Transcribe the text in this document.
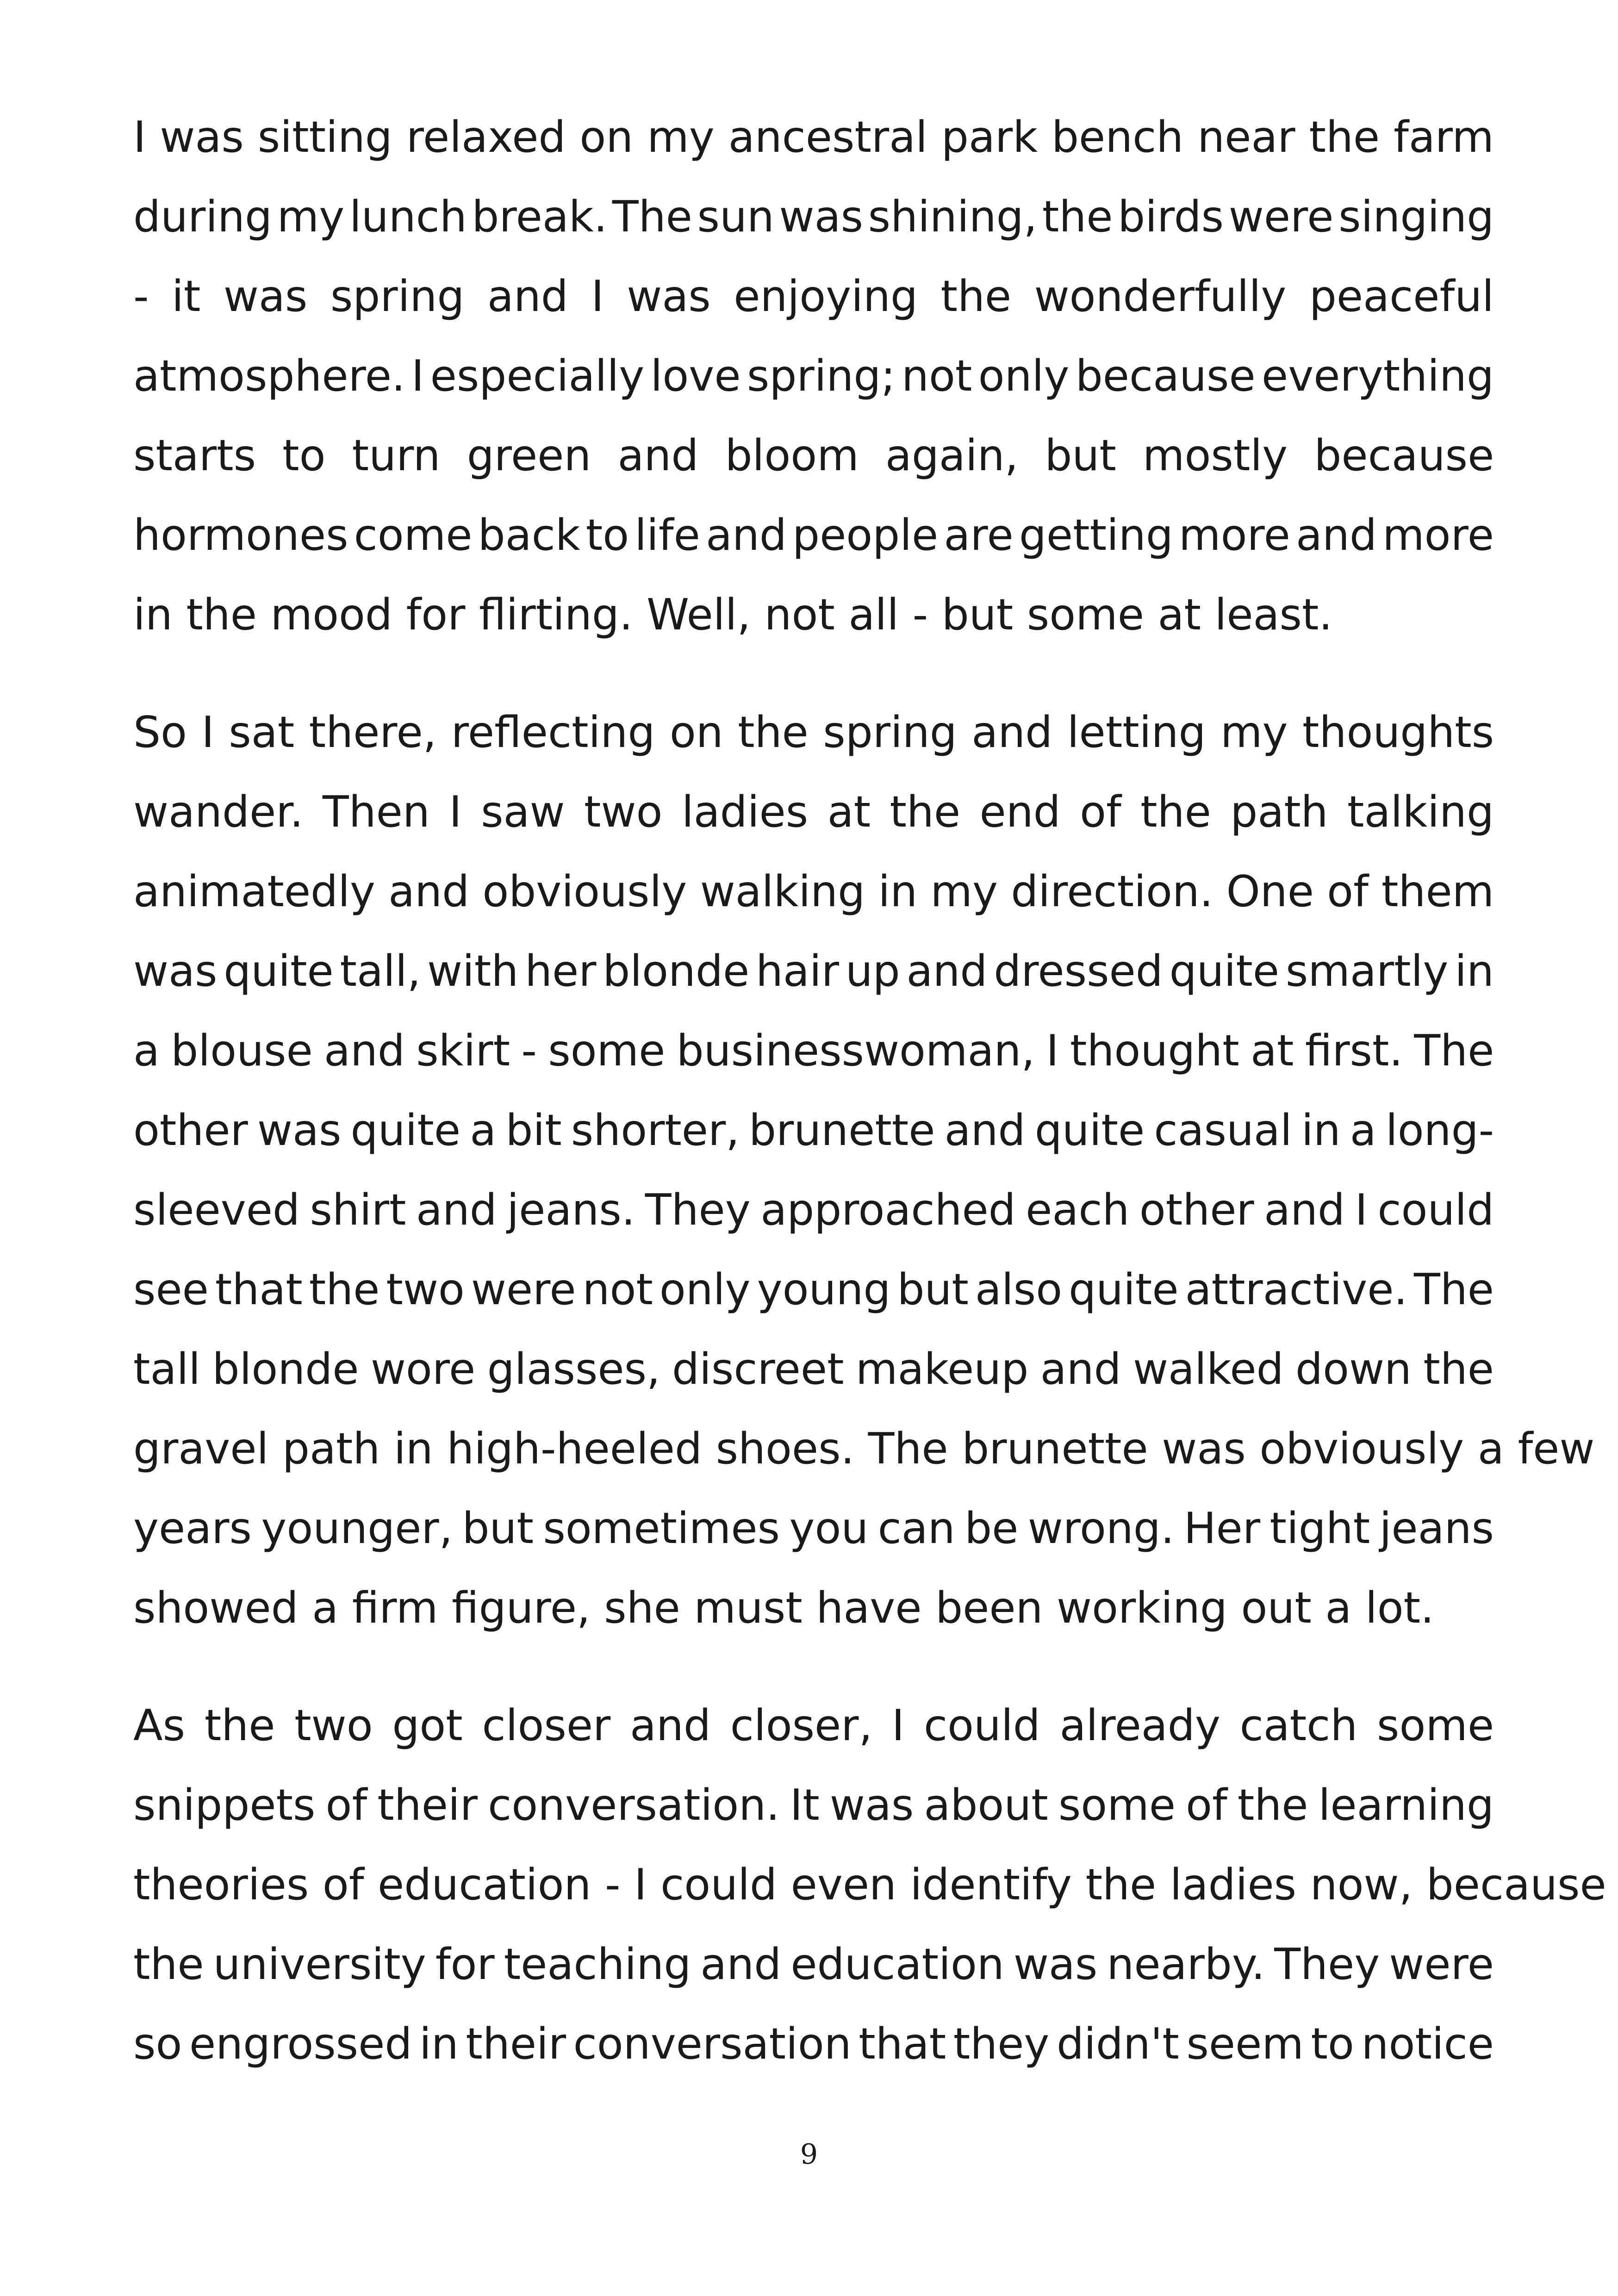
I was sitting relaxed on my ancestral park bench near the farm
during my lunch break. The sun was shining, the birds were singing
- it was spring and I was enjoying the wonderfully peaceful
atmosphere. I especially love spring; not only because everything
starts to turn green and bloom again, but mostly because
hormones come back to life and people are getting more and more
in the mood for flirting. Well, not all - but some at least.
So I sat there, reflecting on the spring and letting my thoughts
wander. Then I saw two ladies at the end of the path talking
animatedly and obviously walking in my direction. One of them
was quite tall, with her blonde hair up and dressed quite smartly in
a blouse and skirt - some businesswoman, I thought at first. The
other was quite a bit shorter, brunette and quite casual in a long-
sleeved shirt and jeans. They approached each other and I could
see that the two were not only young but also quite attractive. The
tall blonde wore glasses, discreet makeup and walked down the
gravel path in high-heeled shoes. The brunette was obviously a few
years younger, but sometimes you can be wrong. Her tight jeans
showed a firm figure, she must have been working out a lot.
As the two got closer and closer, I could already catch some
snippets of their conversation. It was about some of the learning
theories of education - I could even identify the ladies now, because
the university for teaching and education was nearby. They were
so engrossed in their conversation that they didn't seem to notice
9
